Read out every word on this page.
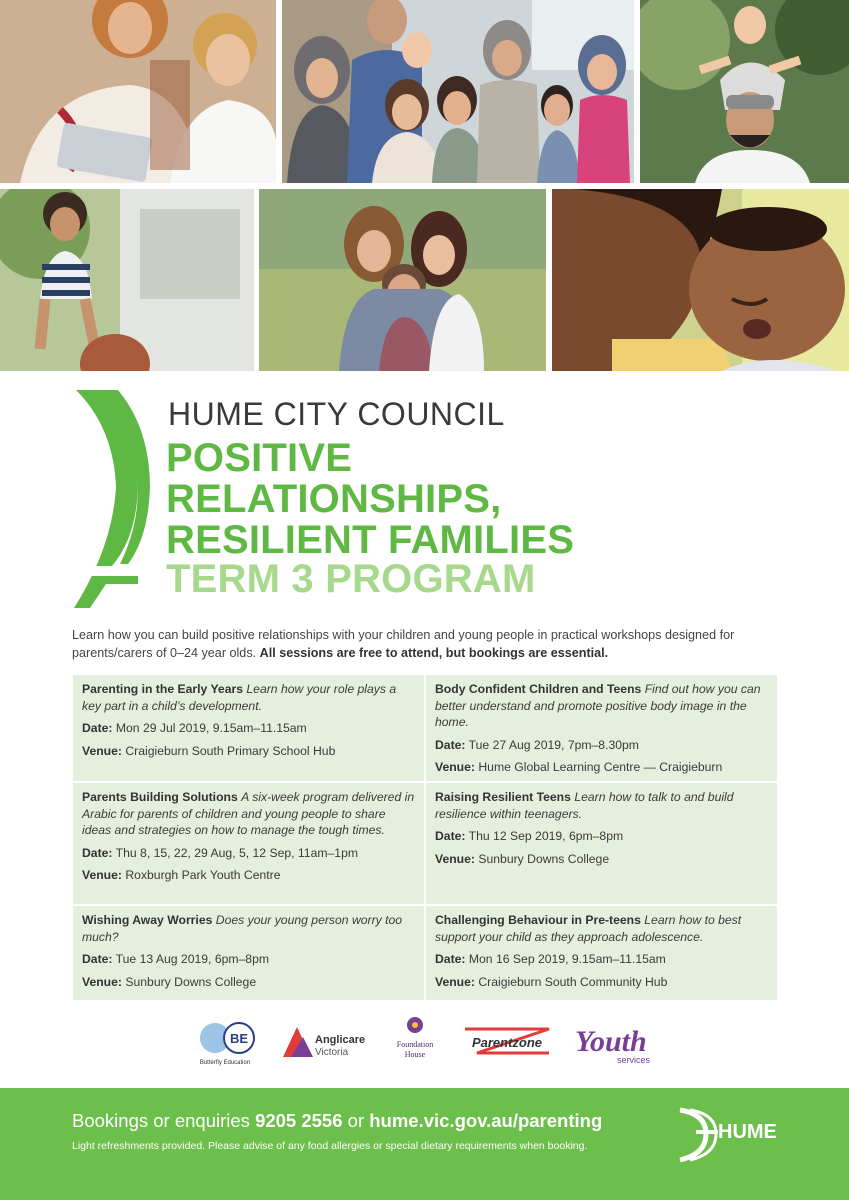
HUME CITY COUNCIL
POSITIVE
RELATIONSHIPS,
RESILIENT FAMILIES
TERM 3 PROGRAM
Learn how you can build positive relationships with your children and young people in practical workshops designed for parents/carers of 0–24 year olds. All sessions are free to attend, but bookings are essential.
Parenting in the Early Years Learn how your role plays a key part in a child’s development.
Date: Mon 29 Jul 2019, 9.15am–11.15am
Venue: Craigieburn South Primary School Hub
Body Confident Children and Teens Find out how you can better understand and promote positive body image in the home.
Date: Tue 27 Aug 2019, 7pm–8.30pm
Venue: Hume Global Learning Centre — Craigieburn
Parents Building Solutions A six-week program delivered in Arabic for parents of children and young people to share ideas and strategies on how to manage the tough times.
Date: Thu 8, 15, 22, 29 Aug, 5, 12 Sep, 11am–1pm
Venue: Roxburgh Park Youth Centre
Raising Resilient Teens Learn how to talk to and build resilience within teenagers.
Date: Thu 12 Sep 2019, 6pm–8pm
Venue: Sunbury Downs College
Wishing Away Worries Does your young person worry too much?
Date: Tue 13 Aug 2019, 6pm–8pm
Venue: Sunbury Downs College
Challenging Behaviour in Pre-teens Learn how to best support your child as they approach adolescence.
Date: Mon 16 Sep 2019, 9.15am–11.15am
Venue: Craigieburn South Community Hub
BE
Butterfly Education
Anglicare
Victoria
Foundation
House
Parentzone Youth
services
Bookings or enquiries 9205 2556 or hume.vic.gov.au/parenting
Light refreshments provided. Please advise of any food allergies or special dietary requirements when booking.
HUME
